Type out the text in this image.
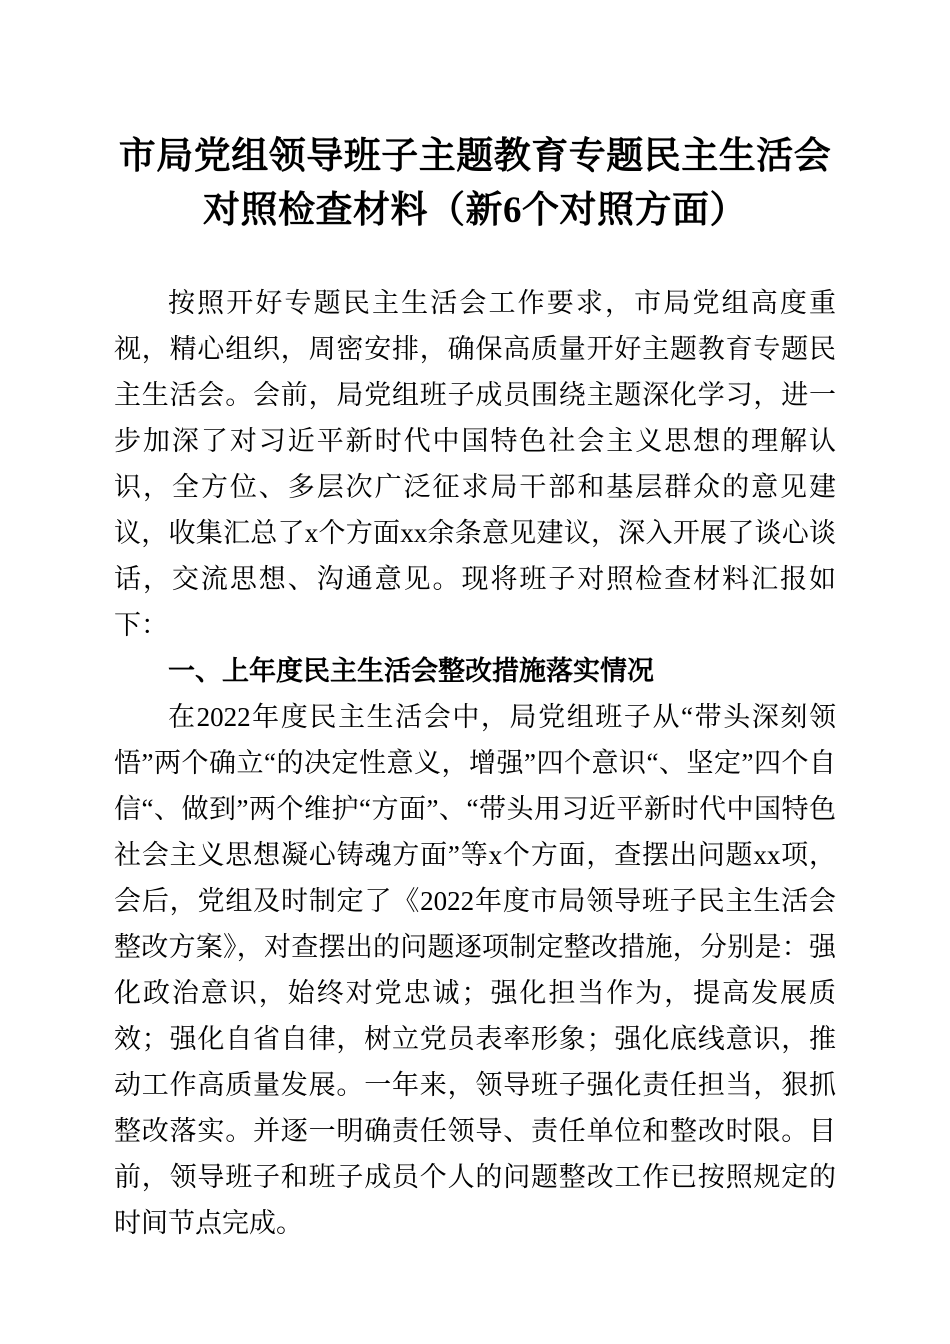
市局党组领导班子主题教育专题民主生活会对照检查材料（新6个对照方面）

按照开好专题民主生活会工作要求，市局党组高度重视，精心组织，周密安排，确保高质量开好主题教育专题民主生活会。会前，局党组班子成员围绕主题深化学习，进一步加深了对习近平新时代中国特色社会主义思想的理解认识，全方位、多层次广泛征求局干部和基层群众的意见建议，收集汇总了x个方面xx余条意见建议，深入开展了谈心谈话，交流思想、沟通意见。现将班子对照检查材料汇报如下：

一、上年度民主生活会整改措施落实情况

在2022年度民主生活会中，局党组班子从“带头深刻领悟”两个确立“的决定性意义，增强”四个意识“、坚定”四个自信“、做到”两个维护“方面”、“带头用习近平新时代中国特色社会主义思想凝心铸魂方面”等x个方面，查摆出问题xx项，会后，党组及时制定了《2022年度市局领导班子民主生活会整改方案》，对查摆出的问题逐项制定整改措施，分别是：强化政治意识，始终对党忠诚；强化担当作为，提高发展质效；强化自省自律，树立党员表率形象；强化底线意识，推动工作高质量发展。一年来，领导班子强化责任担当，狠抓整改落实。并逐一明确责任领导、责任单位和整改时限。目前，领导班子和班子成员个人的问题整改工作已按照规定的时间节点完成。
